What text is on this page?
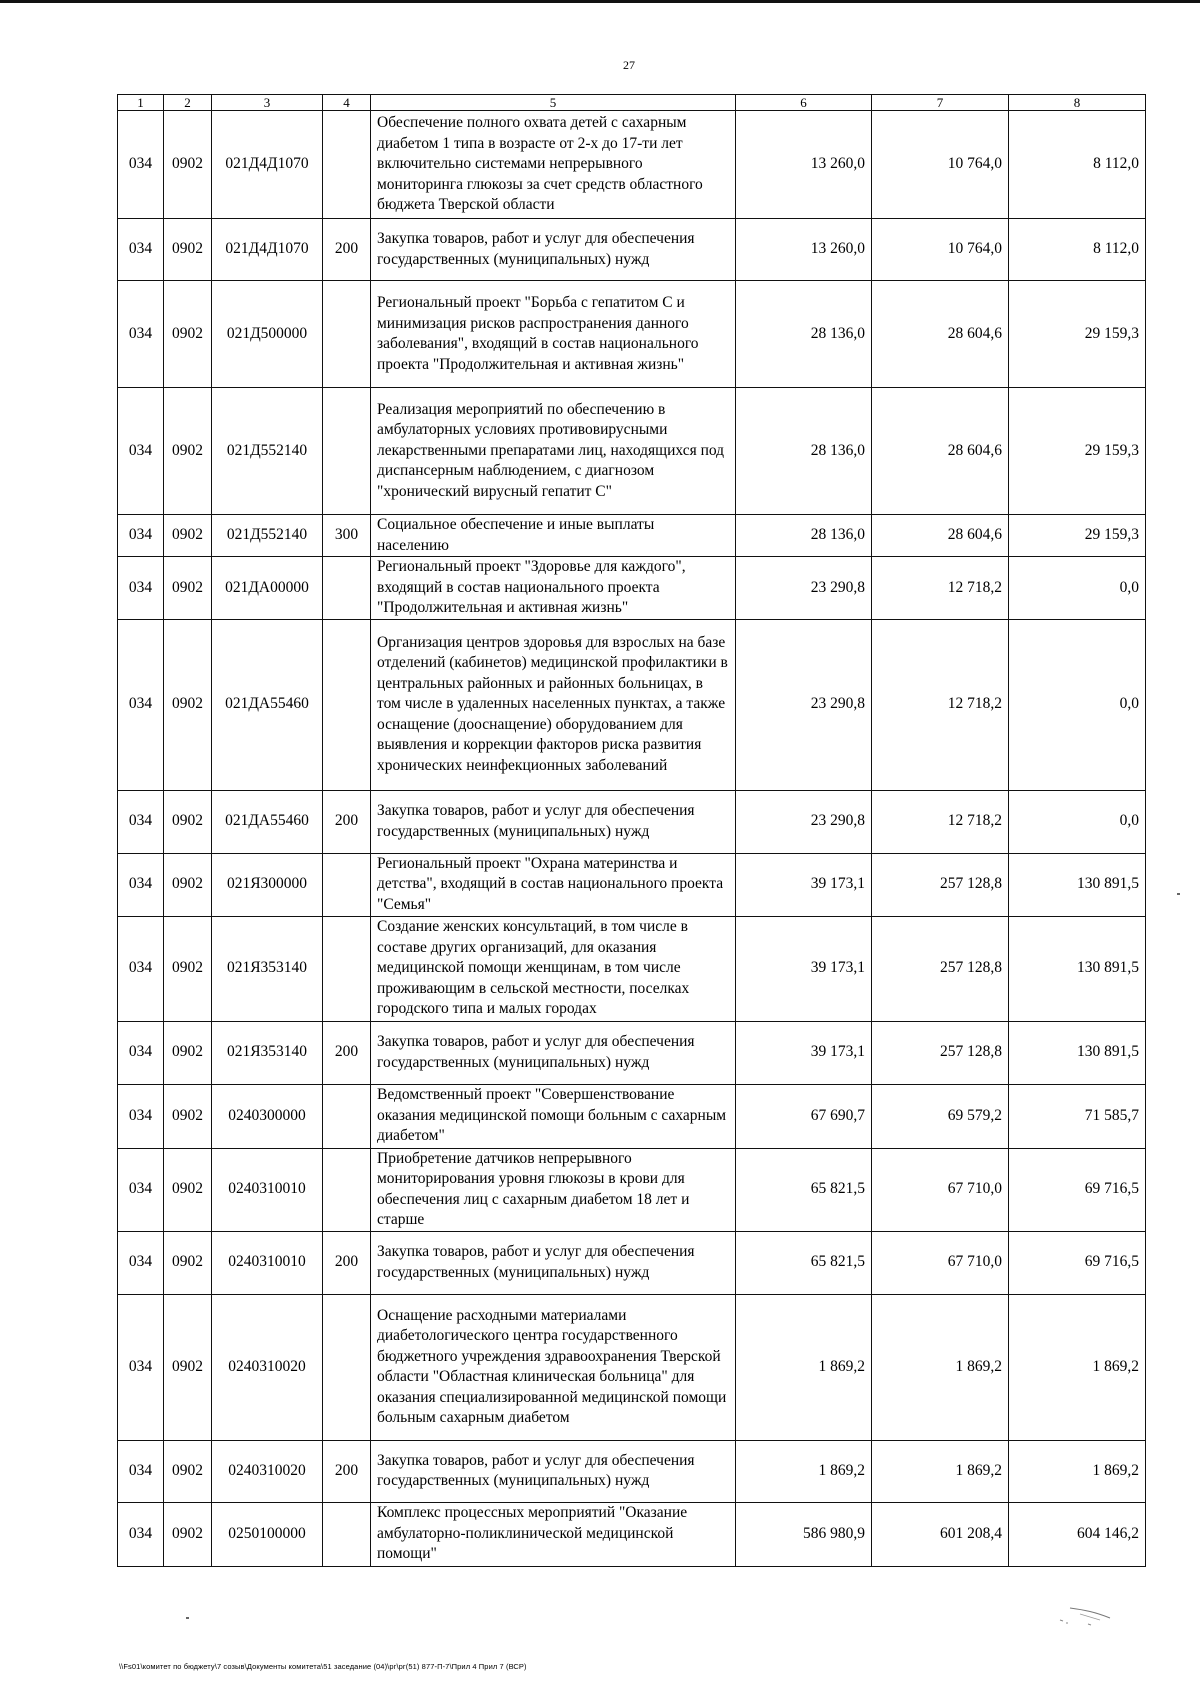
27
1	2	3	4	5	6	7	8
034	0902	021Д4Д1070		Обеспечение полного охвата детей с сахарным диабетом 1 типа в возрасте от 2-х до 17-ти лет включительно системами непрерывного мониторинга глюкозы за счет средств областного бюджета Тверской области	13 260,0	10 764,0	8 112,0
034	0902	021Д4Д1070	200	Закупка товаров, работ и услуг для обеспечения государственных (муниципальных) нужд	13 260,0	10 764,0	8 112,0
034	0902	021Д500000		Региональный проект "Борьба с гепатитом С и минимизация рисков распространения данного заболевания", входящий в состав национального проекта "Продолжительная и активная жизнь"	28 136,0	28 604,6	29 159,3
034	0902	021Д552140		Реализация мероприятий по обеспечению в амбулаторных условиях противовирусными лекарственными препаратами лиц, находящихся под диспансерным наблюдением, с диагнозом "хронический вирусный гепатит С"	28 136,0	28 604,6	29 159,3
034	0902	021Д552140	300	Социальное обеспечение и иные выплаты населению	28 136,0	28 604,6	29 159,3
034	0902	021ДА00000		Региональный проект "Здоровье для каждого", входящий в состав национального проекта "Продолжительная и активная жизнь"	23 290,8	12 718,2	0,0
034	0902	021ДА55460		Организация центров здоровья для взрослых на базе отделений (кабинетов) медицинской профилактики в центральных районных и районных больницах, в том числе в удаленных населенных пунктах, а также оснащение (дооснащение) оборудованием для выявления и коррекции факторов риска развития хронических неинфекционных заболеваний	23 290,8	12 718,2	0,0
034	0902	021ДА55460	200	Закупка товаров, работ и услуг для обеспечения государственных (муниципальных) нужд	23 290,8	12 718,2	0,0
034	0902	021Я300000		Региональный проект "Охрана материнства и детства", входящий в состав национального проекта "Семья"	39 173,1	257 128,8	130 891,5
034	0902	021Я353140		Создание женских консультаций, в том числе в составе других организаций, для оказания медицинской помощи женщинам, в том числе проживающим в сельской местности, поселках городского типа и малых городах	39 173,1	257 128,8	130 891,5
034	0902	021Я353140	200	Закупка товаров, работ и услуг для обеспечения государственных (муниципальных) нужд	39 173,1	257 128,8	130 891,5
034	0902	0240300000		Ведомственный проект "Совершенствование оказания медицинской помощи больным с сахарным диабетом"	67 690,7	69 579,2	71 585,7
034	0902	0240310010		Приобретение датчиков непрерывного мониторирования уровня глюкозы в крови для обеспечения лиц с сахарным диабетом 18 лет и старше	65 821,5	67 710,0	69 716,5
034	0902	0240310010	200	Закупка товаров, работ и услуг для обеспечения государственных (муниципальных) нужд	65 821,5	67 710,0	69 716,5
034	0902	0240310020		Оснащение расходными материалами диабетологического центра государственного бюджетного учреждения здравоохранения Тверской области "Областная клиническая больница" для оказания специализированной медицинской помощи больным сахарным диабетом	1 869,2	1 869,2	1 869,2
034	0902	0240310020	200	Закупка товаров, работ и услуг для обеспечения государственных (муниципальных) нужд	1 869,2	1 869,2	1 869,2
034	0902	0250100000		Комплекс процессных мероприятий "Оказание амбулаторно-поликлинической медицинской помощи"	586 980,9	601 208,4	604 146,2
\\Fs01\комитет по бюджету\7 созыв\Документы комитета\51 заседание (04)\рг\рг(51) 877-П-7\Прил 4 Прил 7 (ВСР)
